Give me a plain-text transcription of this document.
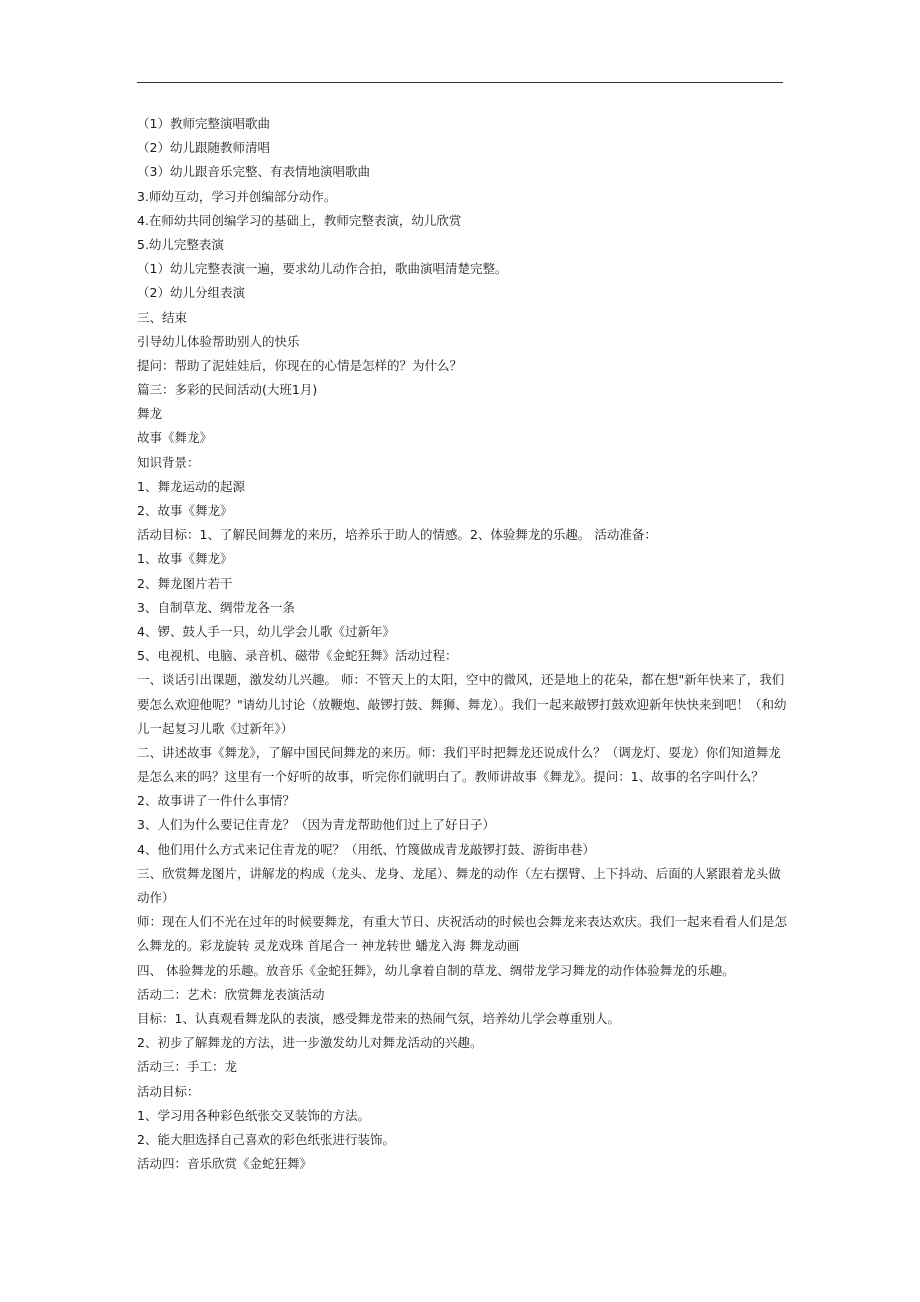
（1）教师完整演唱歌曲
（2）幼儿跟随教师清唱
（3）幼儿跟音乐完整、有表情地演唱歌曲
3.师幼互动，学习并创编部分动作。
4.在师幼共同创编学习的基础上，教师完整表演，幼儿欣赏
5.幼儿完整表演
（1）幼儿完整表演一遍，要求幼儿动作合拍，歌曲演唱清楚完整。
（2）幼儿分组表演
三、结束
引导幼儿体验帮助别人的快乐
提问：帮助了泥娃娃后，你现在的心情是怎样的？为什么？
篇三：多彩的民间活动(大班1月)
舞龙
故事《舞龙》
知识背景：
1、舞龙运动的起源
2、故事《舞龙》
活动目标：1、了解民间舞龙的来历，培养乐于助人的情感。2、体验舞龙的乐趣。 活动准备：
1、故事《舞龙》
2、舞龙图片若干
3、自制草龙、绸带龙各一条
4、锣、鼓人手一只，幼儿学会儿歌《过新年》
5、电视机、电脑、录音机、磁带《金蛇狂舞》活动过程：
一、谈话引出课题，激发幼儿兴趣。 师：不管天上的太阳，空中的微风，还是地上的花朵，都在想"新年快来了，我们
要怎么欢迎他呢？"请幼儿讨论（放鞭炮、敲锣打鼓、舞狮、舞龙）。我们一起来敲锣打鼓欢迎新年快快来到吧！（和幼
儿一起复习儿歌《过新年》）
二、讲述故事《舞龙》，了解中国民间舞龙的来历。师：我们平时把舞龙还说成什么？（调龙灯、耍龙）你们知道舞龙
是怎么来的吗？这里有一个好听的故事，听完你们就明白了。教师讲故事《舞龙》。提问：1、故事的名字叫什么？
2、故事讲了一件什么事情？
3、人们为什么要记住青龙？（因为青龙帮助他们过上了好日子）
4、他们用什么方式来记住青龙的呢？（用纸、竹篾做成青龙敲锣打鼓、游街串巷）
三、欣赏舞龙图片，讲解龙的构成（龙头、龙身、龙尾）、舞龙的动作（左右摆臂、上下抖动、后面的人紧跟着龙头做
动作）
师：现在人们不光在过年的时候要舞龙，有重大节日、庆祝活动的时候也会舞龙来表达欢庆。我们一起来看看人们是怎
么舞龙的。彩龙旋转 灵龙戏珠 首尾合一 神龙转世 蟠龙入海 舞龙动画
四、 体验舞龙的乐趣。放音乐《金蛇狂舞》，幼儿拿着自制的草龙、绸带龙学习舞龙的动作体验舞龙的乐趣。
活动二：艺术：欣赏舞龙表演活动
目标：1、认真观看舞龙队的表演，感受舞龙带来的热闹气氛，培养幼儿学会尊重别人。
2、初步了解舞龙的方法，进一步激发幼儿对舞龙活动的兴趣。
活动三：手工：龙
活动目标：
1、学习用各种彩色纸张交叉装饰的方法。
2、能大胆选择自己喜欢的彩色纸张进行装饰。
活动四：音乐欣赏《金蛇狂舞》
